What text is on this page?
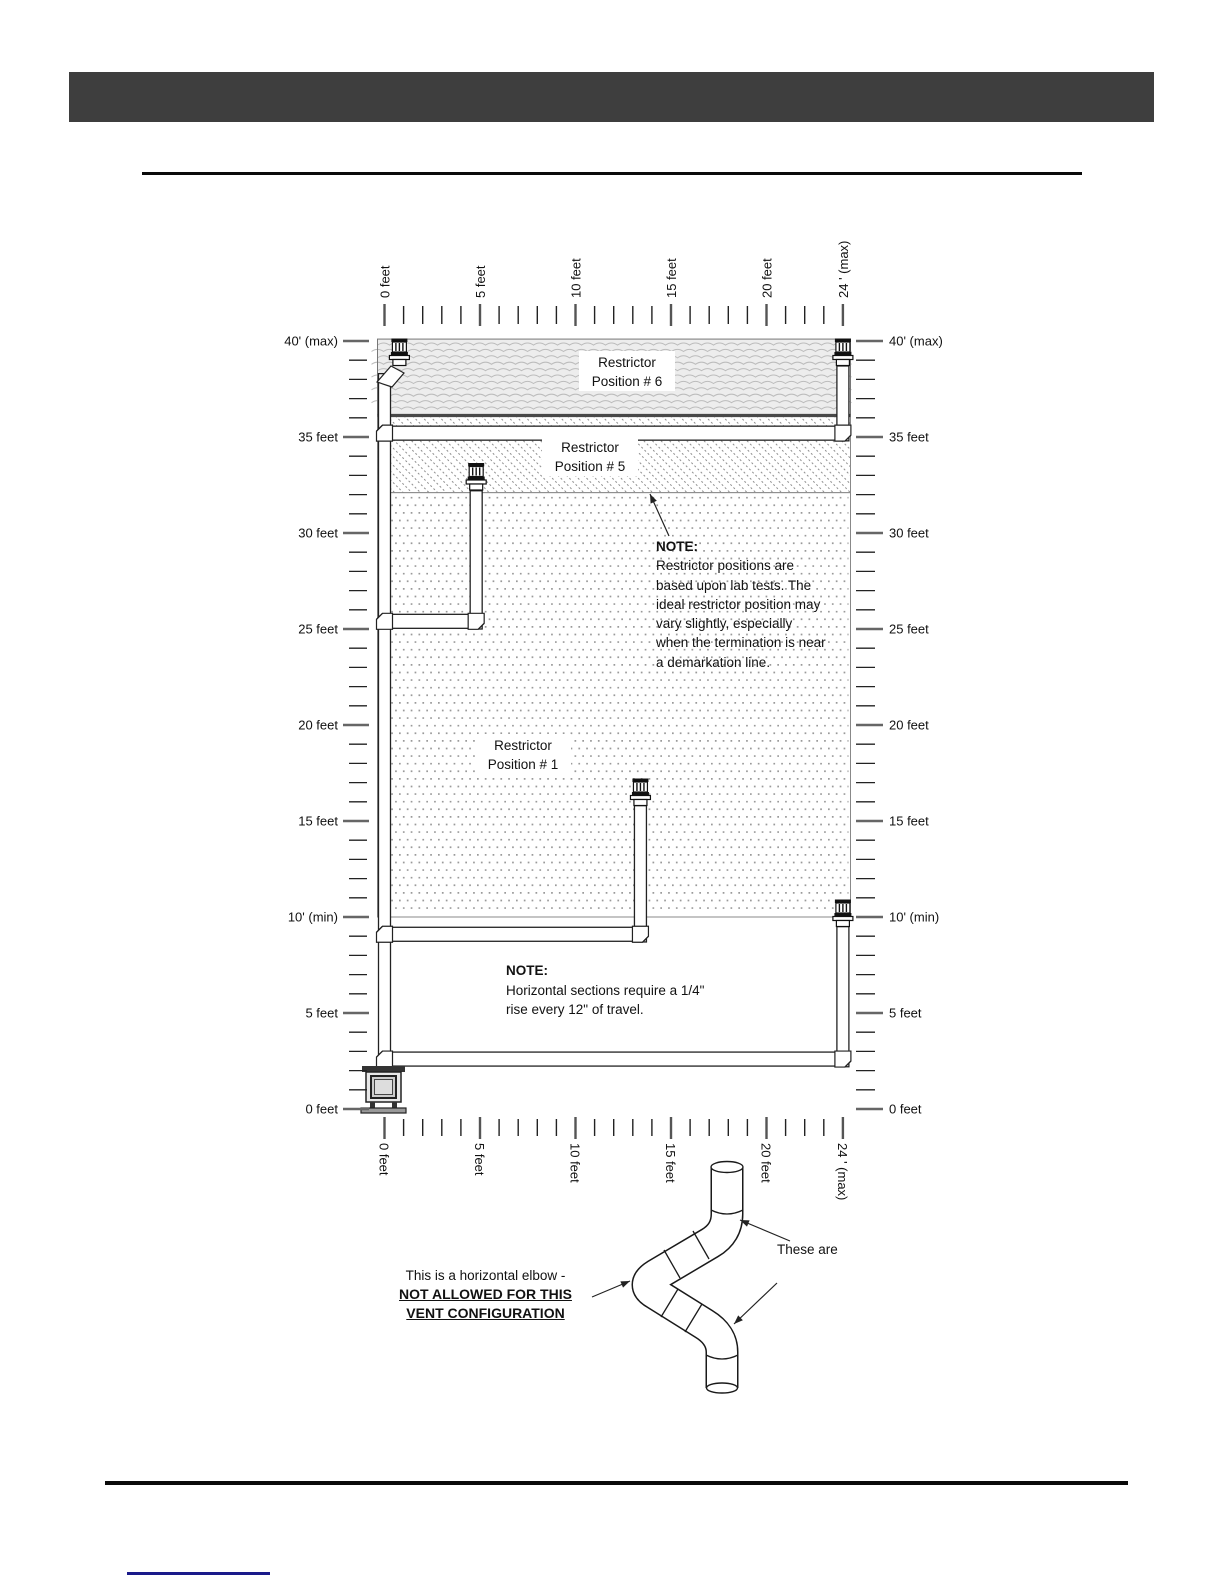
0 feet	0 feet
5 feet	5 feet
10' (min)	10' (min)
15 feet	15 feet
20 feet	20 feet
25 feet	25 feet
30 feet	30 feet
35 feet	35 feet
40' (max)	40' (max)
0 feet
0 feet
5 feet
5 feet
10 feet
10 feet
15 feet
15 feet
20 feet
20 feet
24 ' (max)
24 ' (max)
Restrictor
Position # 6
Restrictor
Position # 5
Restrictor
Position # 1
NOTE:
Restrictor positions are
based upon lab tests. The
ideal restrictor position may
vary slightly, especially
when the termination is near
a demarkation line.
NOTE:
Horizontal sections require a 1/4"
rise every 12" of travel.
This is a horizontal elbow -
NOT ALLOWED FOR THIS
VENT CONFIGURATION
These are
